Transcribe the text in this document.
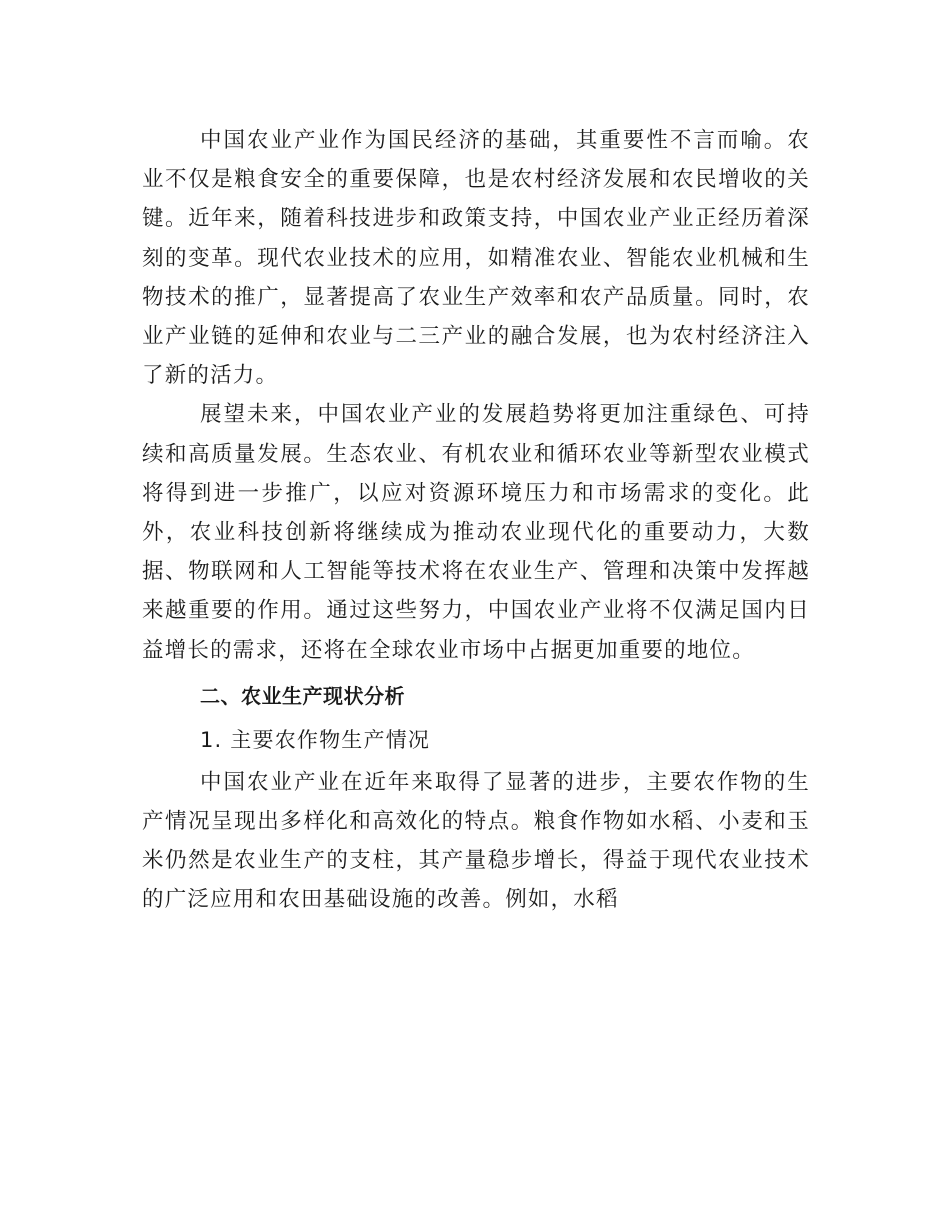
中国农业产业作为国民经济的基础，其重要性不言而喻。农业不仅是粮食安全的重要保障，也是农村经济发展和农民增收的关键。近年来，随着科技进步和政策支持，中国农业产业正经历着深刻的变革。现代农业技术的应用，如精准农业、智能农业机械和生物技术的推广，显著提高了农业生产效率和农产品质量。同时，农业产业链的延伸和农业与二三产业的融合发展，也为农村经济注入了新的活力。

展望未来，中国农业产业的发展趋势将更加注重绿色、可持续和高质量发展。生态农业、有机农业和循环农业等新型农业模式将得到进一步推广，以应对资源环境压力和市场需求的变化。此外，农业科技创新将继续成为推动农业现代化的重要动力，大数据、物联网和人工智能等技术将在农业生产、管理和决策中发挥越来越重要的作用。通过这些努力，中国农业产业将不仅满足国内日益增长的需求，还将在全球农业市场中占据更加重要的地位。

二、农业生产现状分析
1. 主要农作物生产情况

中国农业产业在近年来取得了显著的进步，主要农作物的生产情况呈现出多样化和高效化的特点。粮食作物如水稻、小麦和玉米仍然是农业生产的支柱，其产量稳步增长，得益于现代农业技术的广泛应用和农田基础设施的改善。例如，水稻
